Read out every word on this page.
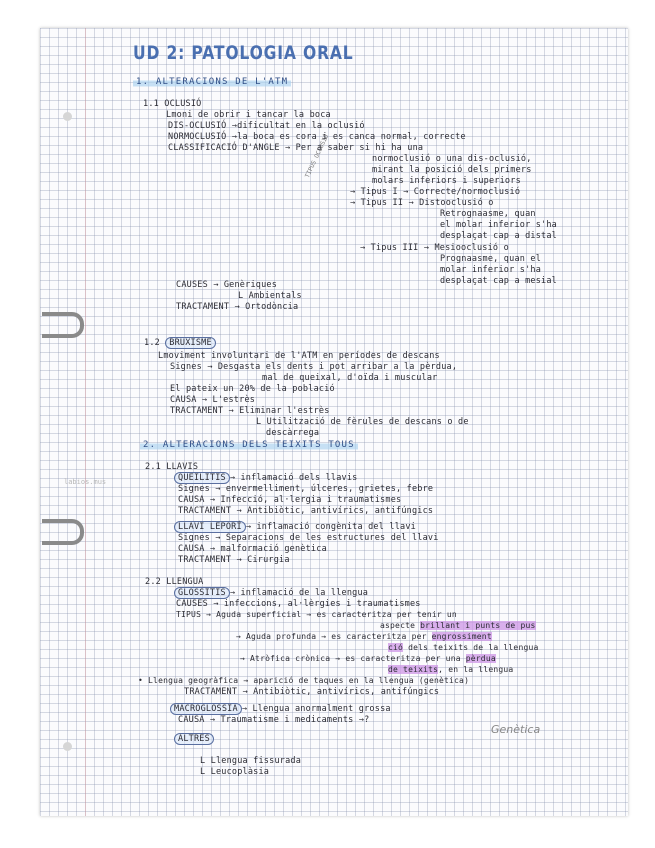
UD 2: PATOLOGIA ORAL
labios.mus
TIPUS OCLUSIÓ
1. ALTERACIONS DE L'ATM
1.1 OCLUSIÓ
Lmoni de obrir i tancar la boca
DIS-OCLUSIÓ →dificultat en la oclusió
NORMOCLUSIÓ →la boca es cora i es canca normal, correcte
CLASSIFICACIÓ D'ANGLE → Per a saber si hi ha una
normoclusió o una dis-oclusió,
mirant la posició dels primers
molars inferiors i superiors
→ Tipus I → Correcte/normoclusió
→ Tipus II → Distooclusió o
Retrognaasme, quan
el molar inferior s'ha
desplaçat cap a distal
→ Tipus III → Mesiooclusió o
Prognaasme, quan el
molar inferior s'ha
desplaçat cap a mesial
CAUSES → Genèriques
L Ambientals
TRACTAMENT → Ortodòncia
1.2 BRUXISME
Lmoviment involuntari de l'ATM en períodes de descans
Signes → Desgasta els dents i pot arribar a la pèrdua,
mal de queixal, d'oïda i muscular
El pateix un 20% de la població
CAUSA → L'estrès
TRACTAMENT → Eliminar l'estrès
L Utilització de fèrules de descans o de
descàrrega
2. ALTERACIONS DELS TEIXITS TOUS
2.1 LLAVIS
QUEILITIS → inflamació dels llavis
Signes → envermelliment, úlceres, grietes, febre
CAUSA → Infecció, al·lergia i traumatismes
TRACTAMENT → Antibiòtic, antivírics, antifúngics
LLAVI LEPORÍ → inflamació congènita del llavi
Signes → Separacions de les estructures del llavi
CAUSA → malformació genètica
TRACTAMENT → Cirurgia
2.2 LLENGUA
GLOSSITIS → inflamació de la llengua
CAUSES → infeccions, al·lèrgies i traumatismes
TIPUS → Aguda superficial → es caracteritza per tenir un
aspecte brillant i punts de pus
→ Aguda profunda → es caracteritza per engrossiment
ció dels teixits de la llengua
→ Atròfica crònica → es caracteritza per una pèrdua
de teixits, en la llengua
• Llengua geogràfica → aparició de taques en la llengua (genètica)
TRACTAMENT → Antibiòtic, antivírics, antifúngics
MACROGLOSSIA → Llengua anormalment grossa
CAUSA → Traumatisme i medicaments →?
Genètica
ALTRES
L Llengua fissurada
L Leucoplàsia
